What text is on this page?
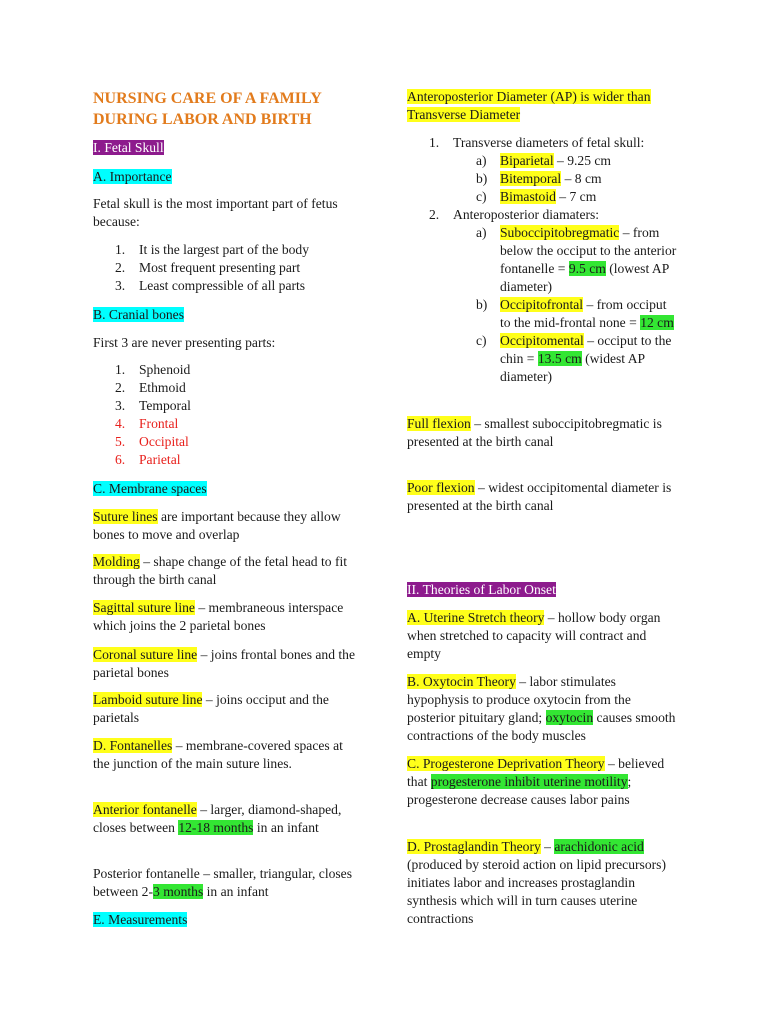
NURSING CARE OF A FAMILY DURING LABOR AND BIRTH

I. Fetal Skull

A. Importance

Fetal skull is the most important part of fetus because:

1.	It is the largest part of the body
2.	Most frequent presenting part
3.	Least compressible of all parts

B. Cranial bones

First 3 are never presenting parts:

1.	Sphenoid
2.	Ethmoid
3.	Temporal
4.	Frontal
5.	Occipital
6.	Parietal

C. Membrane spaces

Suture lines are important because they allow bones to move and overlap

Molding – shape change of the fetal head to fit through the birth canal

Sagittal suture line – membraneous interspace which joins the 2 parietal bones

Coronal suture line – joins frontal bones and the parietal bones

Lamboid suture line – joins occiput and the parietals

D. Fontanelles – membrane-covered spaces at the junction of the main suture lines.

Anterior fontanelle – larger, diamond-shaped, closes between 12-18 months in an infant

Posterior fontanelle – smaller, triangular, closes between 2-3 months in an infant

E. Measurements

Anteroposterior Diameter (AP) is wider than Transverse Diameter

1.	Transverse diameters of fetal skull:
a) Biparietal – 9.25 cm
b) Bitemporal – 8 cm
c) Bimastoid – 7 cm
2.	Anteroposterior diamaters:
a) Suboccipitobregmatic – from below the occiput to the anterior fontanelle = 9.5 cm (lowest AP diameter)
b) Occipitofrontal – from occiput to the mid-frontal none = 12 cm
c) Occipitomental – occiput to the chin = 13.5 cm (widest AP diameter)

Full flexion – smallest suboccipitobregmatic is presented at the birth canal

Poor flexion – widest occipitomental diameter is presented at the birth canal

II. Theories of Labor Onset

A. Uterine Stretch theory – hollow body organ when stretched to capacity will contract and empty

B. Oxytocin Theory – labor stimulates hypophysis to produce oxytocin from the posterior pituitary gland; oxytocin causes smooth contractions of the body muscles

C. Progesterone Deprivation Theory – believed that progesterone inhibit uterine motility; progesterone decrease causes labor pains

D. Prostaglandin Theory – arachidonic acid (produced by steroid action on lipid precursors) initiates labor and increases prostaglandin synthesis which will in turn causes uterine contractions
